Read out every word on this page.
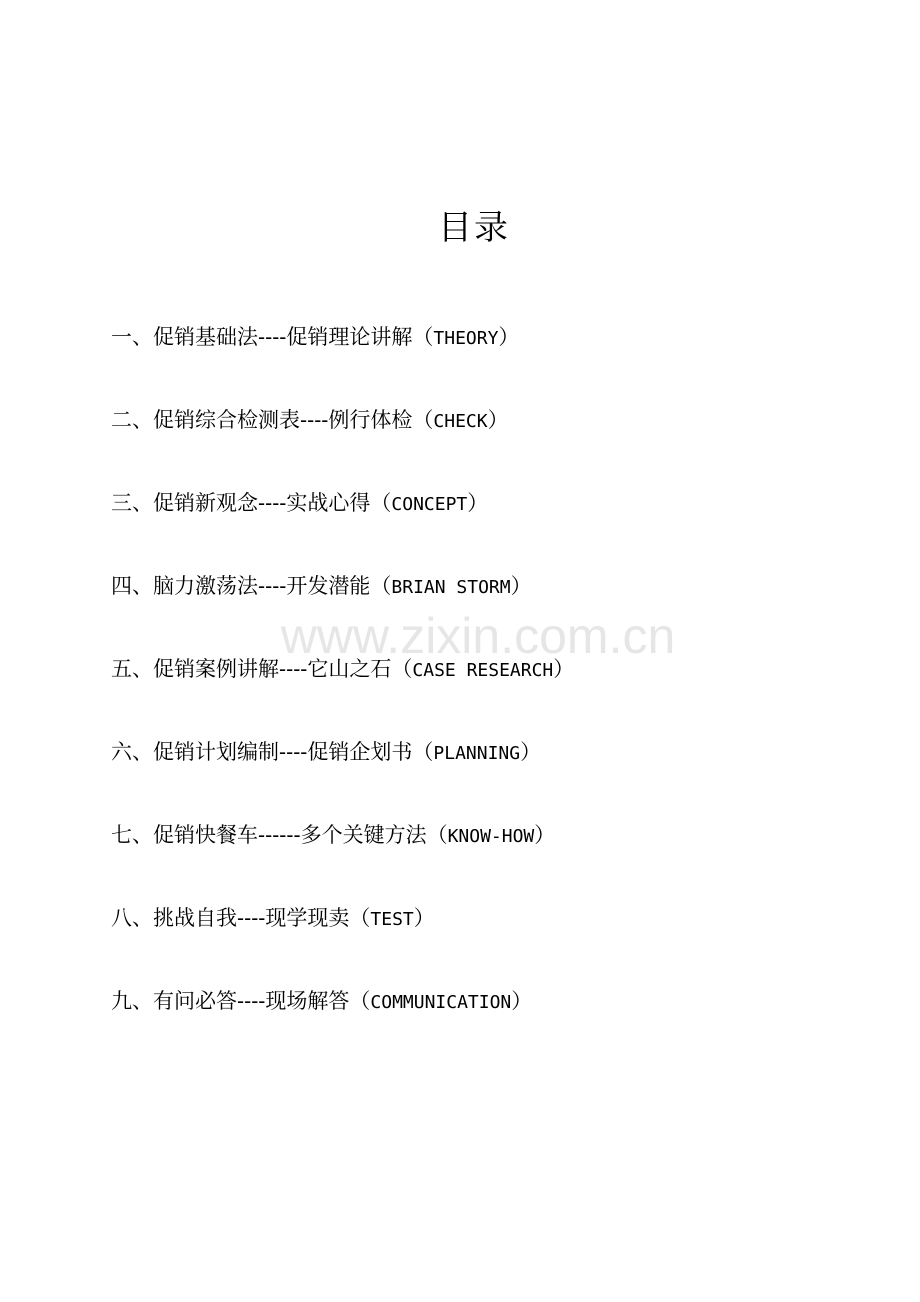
目录
一、促销基础法----促销理论讲解（THEORY）
二、促销综合检测表----例行体检（CHECK）
三、促销新观念----实战心得（CONCEPT）
四、脑力激荡法----开发潜能（BRIAN STORM）
五、促销案例讲解----它山之石（CASE RESEARCH）
六、促销计划编制----促销企划书（PLANNING）
七、促销快餐车------多个关键方法（KNOW-HOW）
八、挑战自我----现学现卖（TEST）
九、有问必答----现场解答（COMMUNICATION）
www.zixin.com.cn
